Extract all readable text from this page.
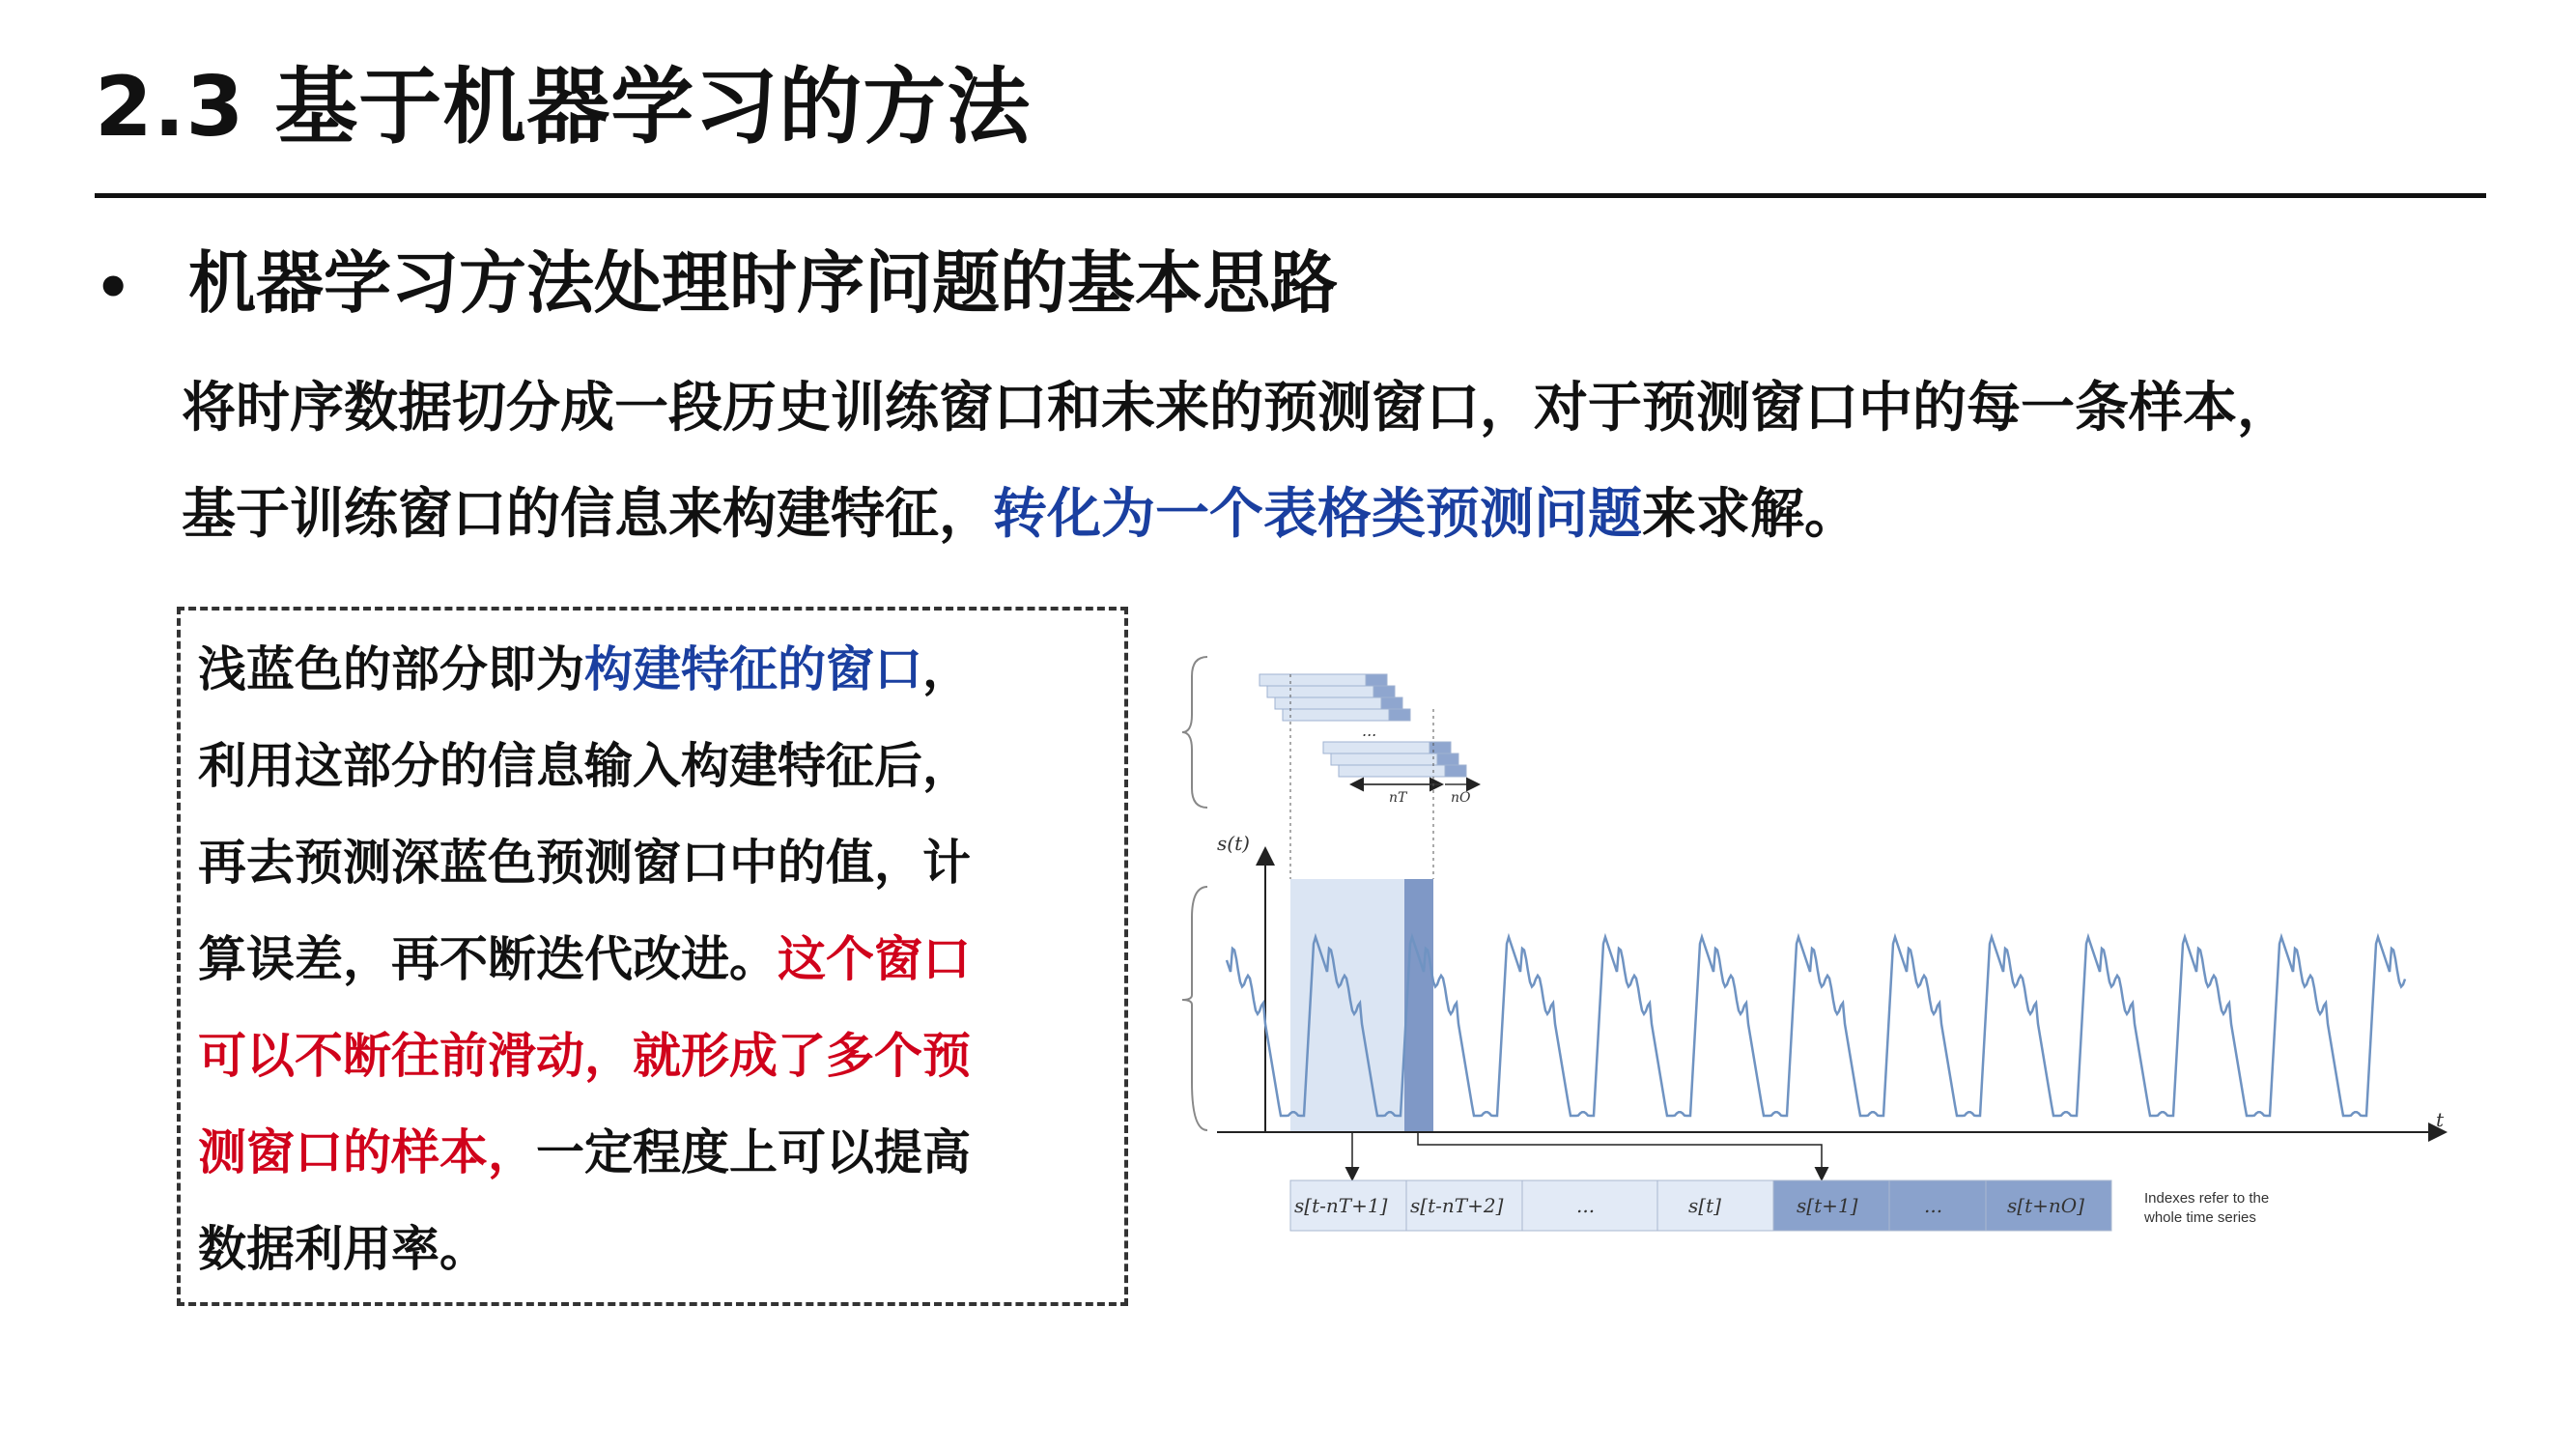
2.3 基于机器学习的方法
• 机器学习方法处理时序问题的基本思路
将时序数据切分成一段历史训练窗口和未来的预测窗口，对于预测窗口中的每一条样本，
基于训练窗口的信息来构建特征，转化为一个表格类预测问题来求解。
浅蓝色的部分即为构建特征的窗口，
利用这部分的信息输入构建特征后，
再去预测深蓝色预测窗口中的值，计
算误差，再不断迭代改进。这个窗口
可以不断往前滑动，就形成了多个预
测窗口的样本，一定程度上可以提高
数据利用率。
...
nT	nO
s(t)
t
s[t-nT+1] s[t-nT+2]	...	s[t]	s[t+1]	...	s[t+nO]	Indexes refer to the
whole time series
